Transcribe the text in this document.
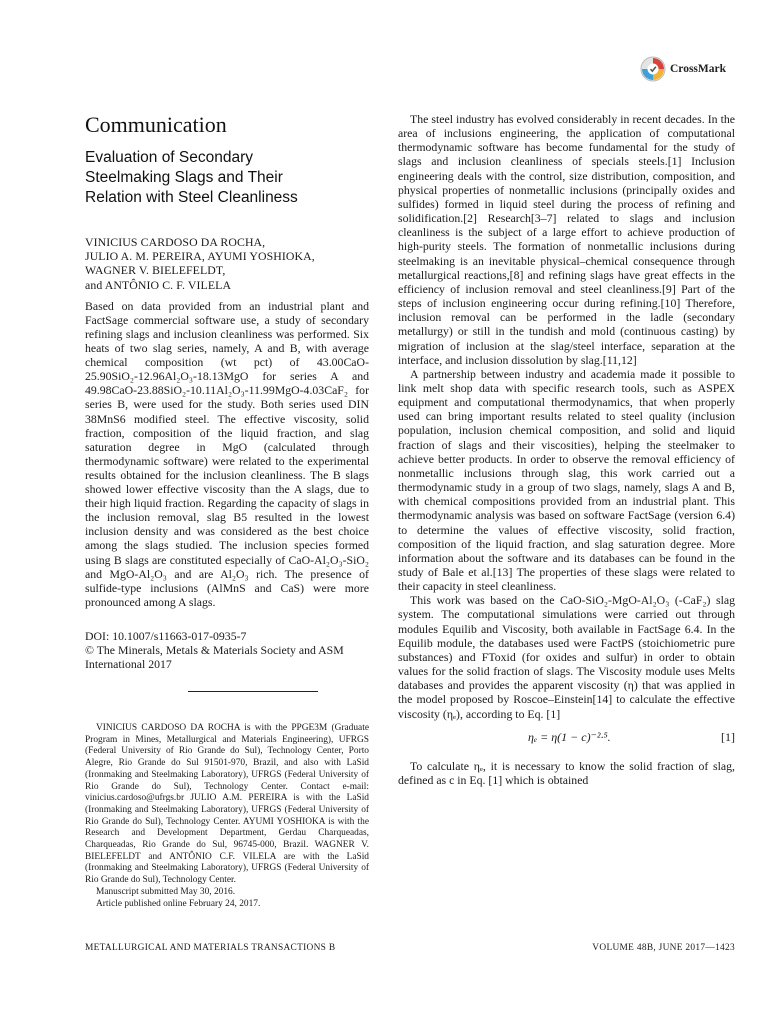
CrossMark
Communication
Evaluation of Secondary
Steelmaking Slags and Their
Relation with Steel Cleanliness
VINICIUS CARDOSO DA ROCHA,
JULIO A. M. PEREIRA, AYUMI YOSHIOKA,
WAGNER V. BIELEFELDT,
and ANTÔNIO C. F. VILELA
Based on data provided from an industrial plant and FactSage commercial software use, a study of secondary refining slags and inclusion cleanliness was performed. Six heats of two slag series, namely, A and B, with average chemical composition (wt pct) of 43.00CaO-25.90SiO₂-12.96Al₂O₃-18.13MgO for series A and 49.98CaO-23.88SiO₂-10.11Al₂O₃-11.99MgO-4.03CaF₂ for series B, were used for the study. Both series used DIN 38MnS6 modified steel. The effective viscosity, solid fraction, composition of the liquid fraction, and slag saturation degree in MgO (calculated through thermodynamic software) were related to the experimental results obtained for the inclusion cleanliness. The B slags showed lower effective viscosity than the A slags, due to their high liquid fraction. Regarding the capacity of slags in the inclusion removal, slag B5 resulted in the lowest inclusion density and was considered as the best choice among the slags studied. The inclusion species formed using B slags are constituted especially of CaO-Al₂O₃-SiO₂ and MgO-Al₂O₃ and are Al₂O₃ rich. The presence of sulfide-type inclusions (AlMnS and CaS) were more pronounced among A slags.
DOI: 10.1007/s11663-017-0935-7
© The Minerals, Metals & Materials Society and ASM International 2017

VINICIUS CARDOSO DA ROCHA is with the PPGE3M (Graduate Program in Mines, Metallurgical and Materials Engineering), UFRGS (Federal University of Rio Grande do Sul), Technology Center, Porto Alegre, Rio Grande do Sul 91501-970, Brazil, and also with LaSid (Ironmaking and Steelmaking Laboratory), UFRGS (Federal University of Rio Grande do Sul), Technology Center. Contact e-mail: vinicius.cardoso@ufrgs.br JULIO A.M. PEREIRA is with the LaSid (Ironmaking and Steelmaking Laboratory), UFRGS (Federal University of Rio Grande do Sul), Technology Center. AYUMI YOSHIOKA is with the Research and Development Department, Gerdau Charqueadas, Charqueadas, Rio Grande do Sul, 96745-000, Brazil. WAGNER V. BIELEFELDT and ANTÔNIO C.F. VILELA are with the LaSid (Ironmaking and Steelmaking Laboratory), UFRGS (Federal University of Rio Grande do Sul), Technology Center.

Manuscript submitted May 30, 2016.

Article published online February 24, 2017.

The steel industry has evolved considerably in recent decades. In the area of inclusions engineering, the application of computational thermodynamic software has become fundamental for the study of slags and inclusion cleanliness of specials steels.[1] Inclusion engineering deals with the control, size distribution, composition, and physical properties of nonmetallic inclusions (principally oxides and sulfides) formed in liquid steel during the process of refining and solidification.[2] Research[3–7] related to slags and inclusion cleanliness is the subject of a large effort to achieve production of high-purity steels. The formation of nonmetallic inclusions during steelmaking is an inevitable physical–chemical consequence through metallurgical reactions,[8] and refining slags have great effects in the efficiency of inclusion removal and steel cleanliness.[9] Part of the steps of inclusion engineering occur during refining.[10] Therefore, inclusion removal can be performed in the ladle (secondary metallurgy) or still in the tundish and mold (continuous casting) by migration of inclusion at the slag/steel interface, separation at the interface, and inclusion dissolution by slag.[11,12]

A partnership between industry and academia made it possible to link melt shop data with specific research tools, such as ASPEX equipment and computational thermodynamics, that when properly used can bring important results related to steel quality (inclusion population, inclusion chemical composition, and solid and liquid fraction of slags and their viscosities), helping the steelmaker to achieve better products. In order to observe the removal efficiency of nonmetallic inclusions through slag, this work carried out a thermodynamic study in a group of two slags, namely, slags A and B, with chemical compositions provided from an industrial plant. This thermodynamic analysis was based on software FactSage (version 6.4) to determine the values of effective viscosity, solid fraction, composition of the liquid fraction, and slag saturation degree. More information about the software and its databases can be found in the study of Bale et al.[13] The properties of these slags were related to their capacity in steel cleanliness.

This work was based on the CaO-SiO₂-MgO-Al₂O₃ (-CaF₂) slag system. The computational simulations were carried out through modules Equilib and Viscosity, both available in FactSage 6.4. In the Equilib module, the databases used were FactPS (stoichiometric pure substances) and FToxid (for oxides and sulfur) in order to obtain values for the solid fraction of slags. The Viscosity module uses Melts databases and provides the apparent viscosity (η) that was applied in the model proposed by Roscoe–Einstein[14] to calculate the effective viscosity (ηₑ), according to Eq. [1]

ηₑ = η(1 − c)⁻²·⁵.	[1]

To calculate ηₑ, it is necessary to know the solid fraction of slag, defined as c in Eq. [1] which is obtained

METALLURGICAL AND MATERIALS TRANSACTIONS B	VOLUME 48B, JUNE 2017—1423
